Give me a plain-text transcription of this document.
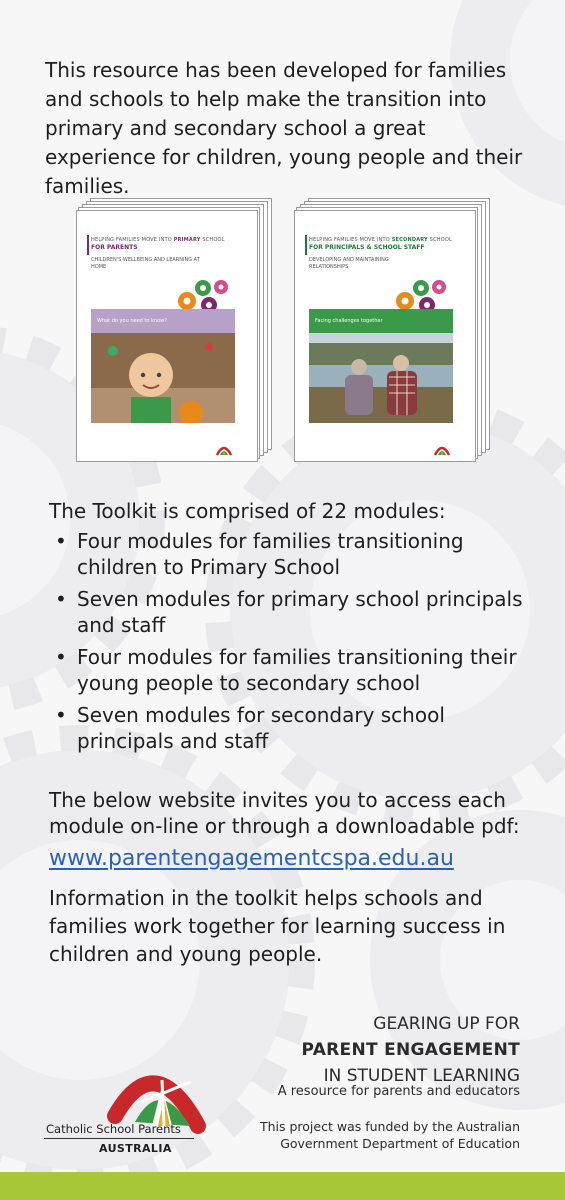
This resource has been developed for families and schools to help make the transition into primary and secondary school a great experience for children, young people and their families.

HELPING FAMILIES MOVE INTO PRIMARY SCHOOL
FOR PARENTS
CHILDREN'S WELLBEING AND LEARNING AT HOME
What do you need to know?
HELPING FAMILIES MOVE INTO SECONDARY SCHOOL
FOR PRINCIPALS & SCHOOL STAFF
DEVELOPING AND MAINTAINING RELATIONSHIPS
Facing challenges together

The Toolkit is comprised of 22 modules:

• Four modules for families transitioning children to Primary School
• Seven modules for primary school principals and staff
• Four modules for families transitioning their young people to secondary school
• Seven modules for secondary school principals and staff

The below website invites you to access each module on-line or through a downloadable pdf:

www.parentengagementcspa.edu.au

Information in the toolkit helps schools and families work together for learning success in children and young people.

GEARING UP FOR
PARENT ENGAGEMENT
IN STUDENT LEARNING
A resource for parents and educators
This project was funded by the Australian
Government Department of Education
Catholic School Parents
AUSTRALIA
